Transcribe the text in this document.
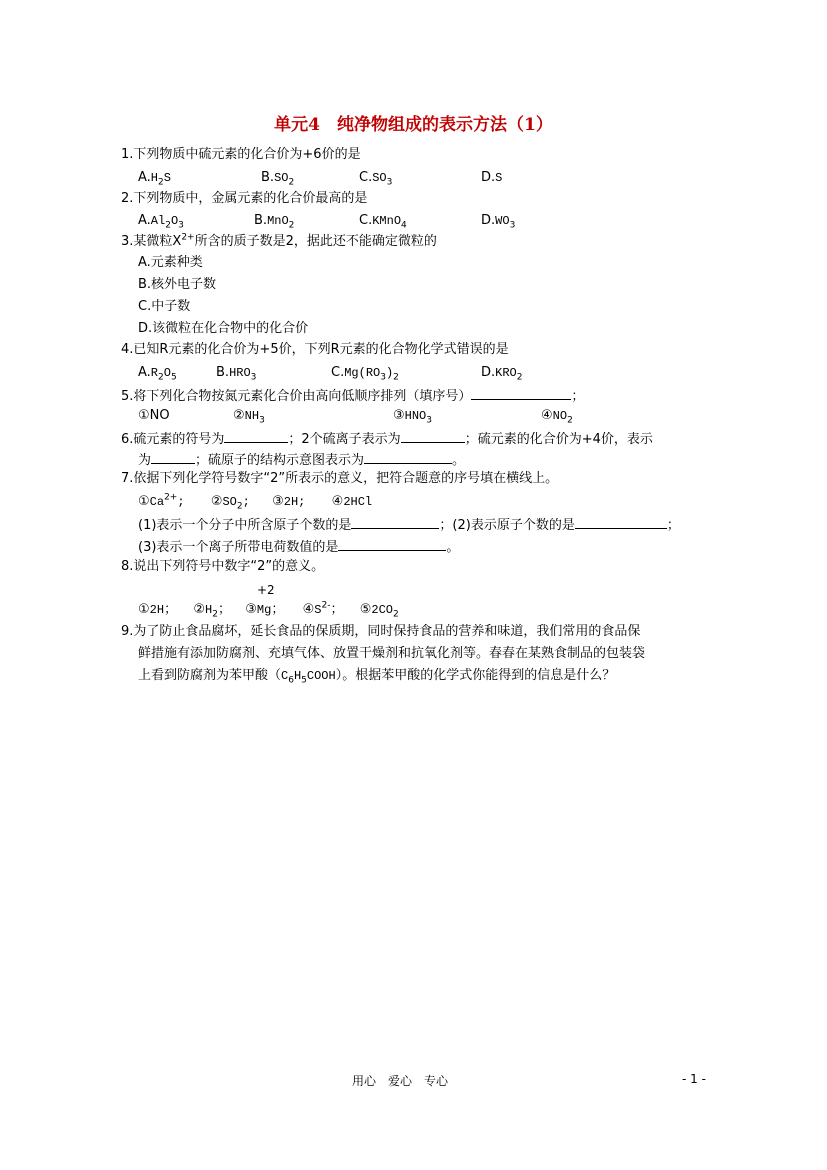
单元4　纯净物组成的表示方法（1）
1.下列物质中硫元素的化合价为+6价的是
$A.H_2S$	$B.SO_2$	$C.SO_3$	D.S
2.下列物质中，金属元素的化合价最高的是
$A.Al_2O_3$	B.MnO$_2$	C.KMnO$_4$	$D.WO_3$
3.某微粒$X^{2+}$所含的质子数是2，据此还不能确定微粒的
A.元素种类
B.核外电子数
C.中子数
D.该微粒在化合物中的化合价
4.已知R元素的化合价为+5价，下列R元素的化合物化学式错误的是
$A.R_2O_5$	$B.HRO_3$	$C.Mg(RO_3)_2$	$D.KRO_2$
5.将下列化合物按氮元素化合价由高向低顺序排列（填序号）	；
①NO	$②NH_3$	$③HNO_3$	$④NO_2$
6.硫元素的符号为	；2个硫离子表示为	；硫元素的化合价为+4价，表示
为	；硫原子的结构示意图表示为	。
7.依据下列化学符号数字“2”所表示的意义，把符合题意的序号填在横线上。
$①Ca^{2+}$; $②SO_2$; ③2H; ④2HCl
(1)表示一个分子中所含原子个数的是	；(2)表示原子个数的是	；
(3)表示一个离子所带电荷数值的是	。
8.说出下列符号中数字“2”的意义。
+2
①2H； $②H_2$； ③Mg； $④S^{2-}$； $⑤2CO_2$
9.为了防止食品腐坏，延长食品的保质期，同时保持食品的营养和味道，我们常用的食品保
鲜措施有添加防腐剂、充填气体、放置干燥剂和抗氧化剂等。春春在某熟食制品的包装袋
上看到防腐剂为苯甲酸$(C_6H_5COOH)$。根据苯甲酸的化学式你能得到的信息是什么？
用心　爱心　专心	- 1 -
